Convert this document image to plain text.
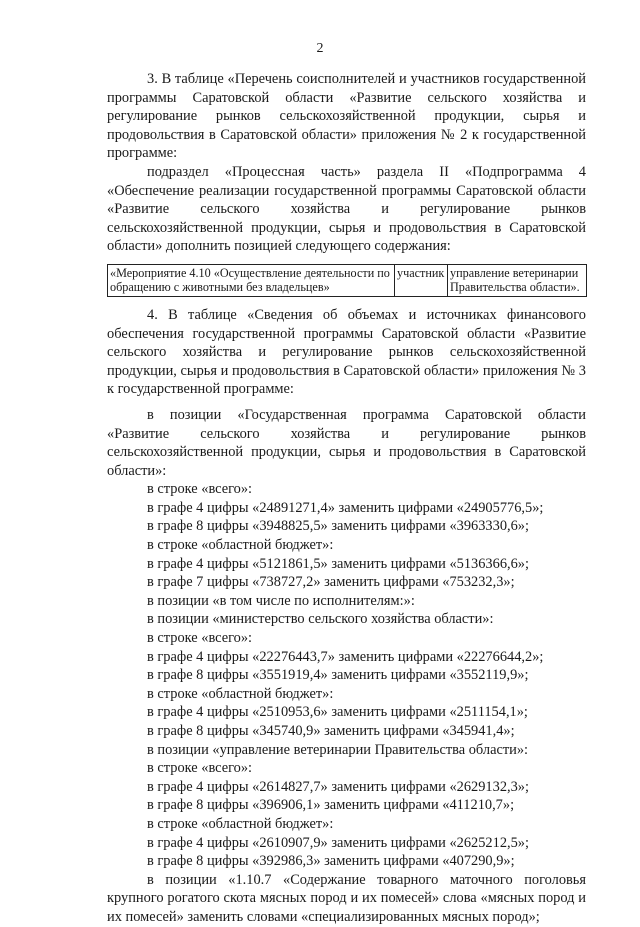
2

3. В таблице «Перечень соисполнителей и участников государственной программы Саратовской области «Развитие сельского хозяйства и регулирование рынков сельскохозяйственной продукции, сырья и продовольствия в Саратовской области» приложения № 2 к государственной программе:

подраздел «Процессная часть» раздела II «Подпрограмма 4 «Обеспечение реализации государственной программы Саратовской области «Развитие сельского хозяйства и регулирование рынков сельскохозяйственной продукции, сырья и продовольствия в Саратовской области» дополнить позицией следующего содержания:

«Мероприятие 4.10 «Осуществление деятельности по обращению с животными без владельцев»	участник	управление ветеринарии Правительства области».

4. В таблице «Сведения об объемах и источниках финансового обеспечения государственной программы Саратовской области «Развитие сельского хозяйства и регулирование рынков сельскохозяйственной продукции, сырья и продовольствия в Саратовской области» приложения № 3 к государственной программе:

в позиции «Государственная программа Саратовской области «Развитие сельского хозяйства и регулирование рынков сельскохозяйственной продукции, сырья и продовольствия в Саратовской области»:

в строке «всего»:

в графе 4 цифры «24891271,4» заменить цифрами «24905776,5»;

в графе 8 цифры «3948825,5» заменить цифрами «3963330,6»;

в строке «областной бюджет»:

в графе 4 цифры «5121861,5» заменить цифрами «5136366,6»;

в графе 7 цифры «738727,2» заменить цифрами «753232,3»;

в позиции «в том числе по исполнителям:»:

в позиции «министерство сельского хозяйства области»:

в строке «всего»:

в графе 4 цифры «22276443,7» заменить цифрами «22276644,2»;

в графе 8 цифры «3551919,4» заменить цифрами «3552119,9»;

в строке «областной бюджет»:

в графе 4 цифры «2510953,6» заменить цифрами «2511154,1»;

в графе 8 цифры «345740,9» заменить цифрами «345941,4»;

в позиции «управление ветеринарии Правительства области»:

в строке «всего»:

в графе 4 цифры «2614827,7» заменить цифрами «2629132,3»;

в графе 8 цифры «396906,1» заменить цифрами «411210,7»;

в строке «областной бюджет»:

в графе 4 цифры «2610907,9» заменить цифрами «2625212,5»;

в графе 8 цифры «392986,3» заменить цифрами «407290,9»;

в позиции «1.10.7 «Содержание товарного маточного поголовья крупного рогатого скота мясных пород и их помесей» слова «мясных пород и их помесей» заменить словами «специализированных мясных пород»;
